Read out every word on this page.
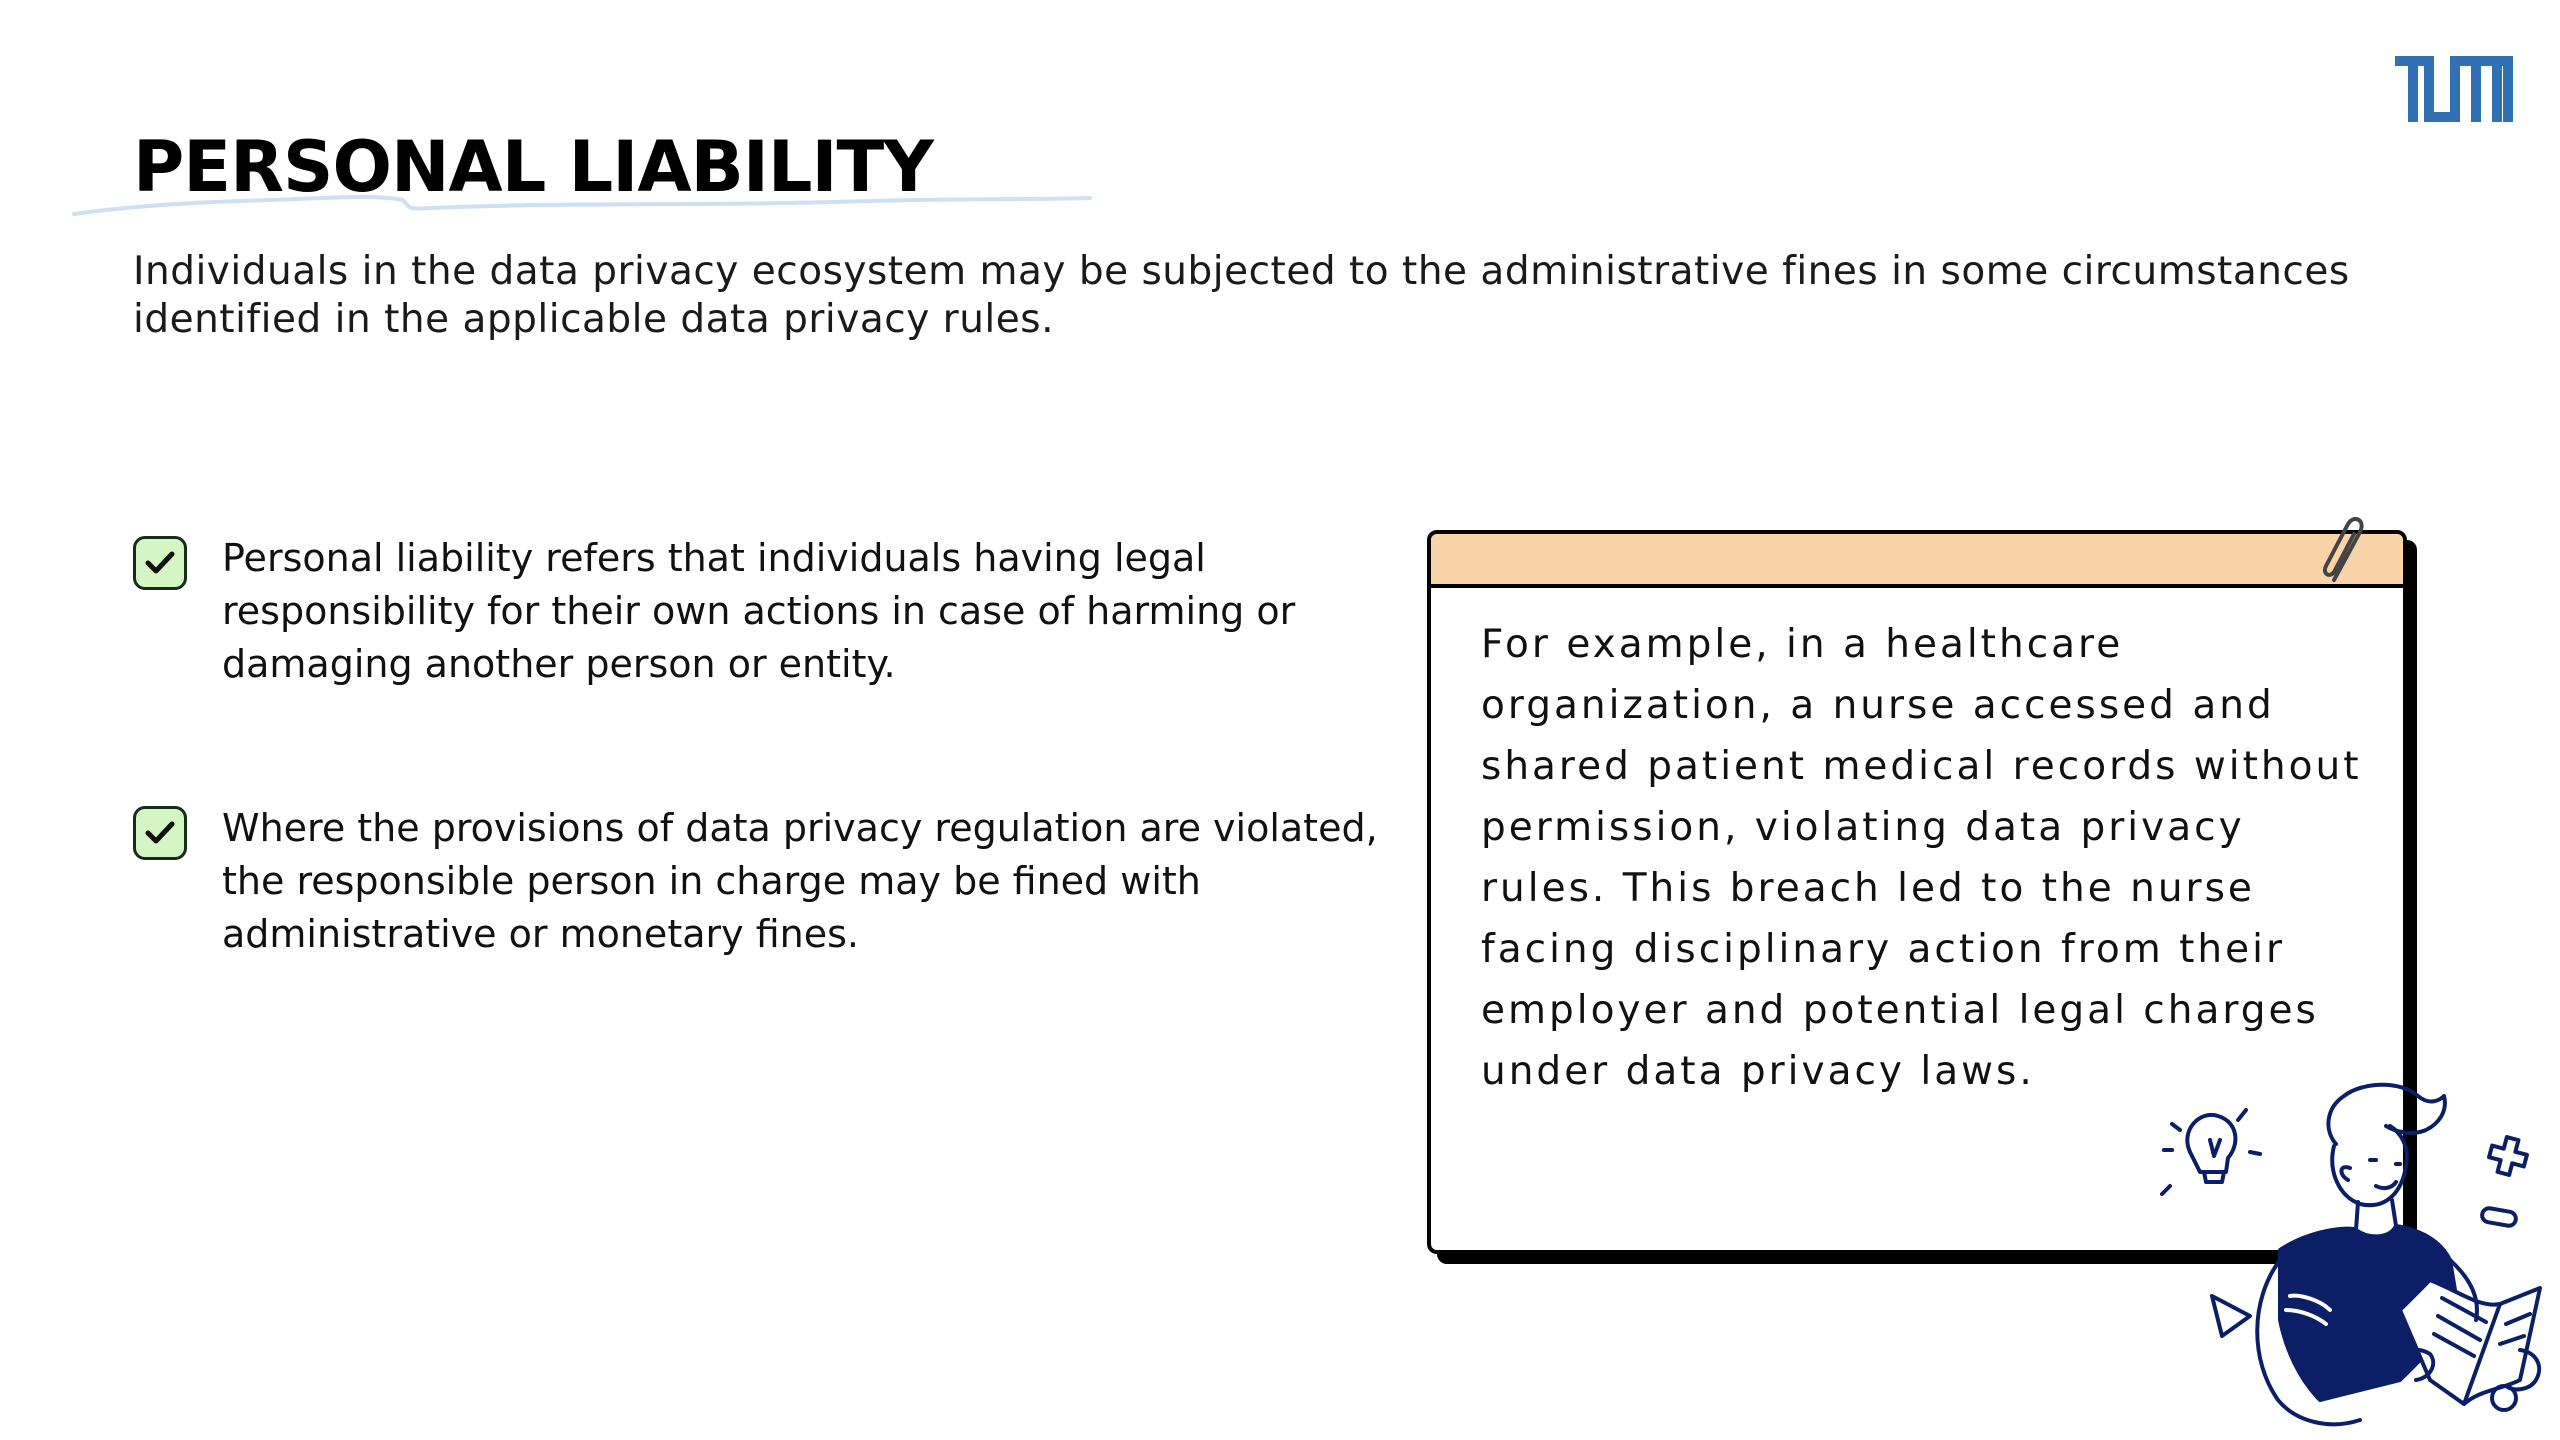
PERSONAL LIABILITY

Individuals in the data privacy ecosystem may be subjected to the administrative fines in some circumstances identified in the applicable data privacy rules.

Personal liability refers that individuals having legal responsibility for their own actions in case of harming or damaging another person or entity.

Where the provisions of data privacy regulation are violated, the responsible person in charge may be fined with administrative or monetary fines.

For example, in a healthcare organization, a nurse accessed and shared patient medical records without permission, violating data privacy rules. This breach led to the nurse facing disciplinary action from their employer and potential legal charges under data privacy laws.
